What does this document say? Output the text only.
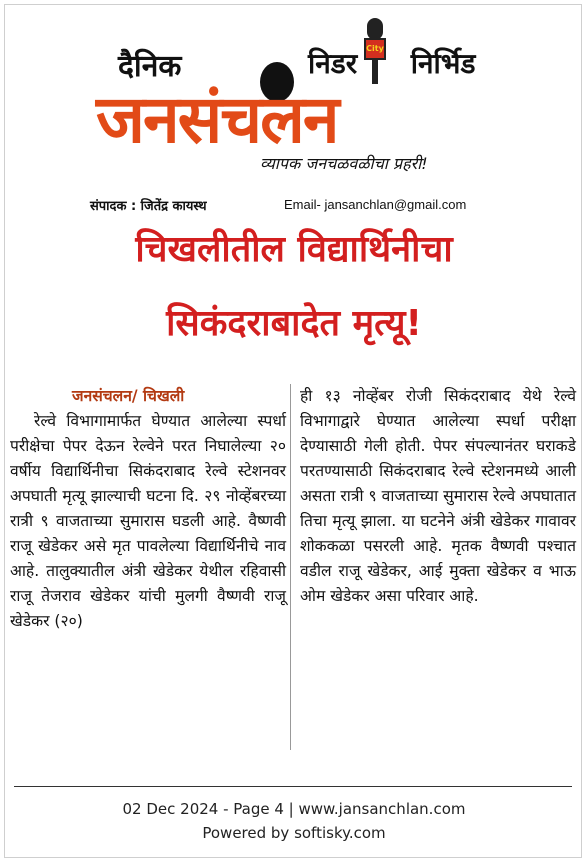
दैनिक	निडर निर्भिड
City
जनसंचलन
व्यापक जनचळवळीचा प्रहरी!
संपादक : जितेंद्र कायस्थ	Email- jansanchlan@gmail.com
चिखलीतील विद्यार्थिनीचा
सिकंदराबादेत मृत्यू!
जनसंचलन/ चिखली

रेल्वे विभागामार्फत घेण्यात आलेल्या स्पर्धा परीक्षेचा पेपर देऊन रेल्वेने परत निघालेल्या २० वर्षीय विद्यार्थिनीचा सिकंदराबाद रेल्वे स्टेशनवर अपघाती मृत्यू झाल्याची घटना दि. २९ नोव्हेंबरच्या रात्री ९ वाजताच्या सुमारास घडली आहे. वैष्णवी राजू खेडेकर असे मृत पावलेल्या विद्यार्थिनीचे नाव आहे. तालुक्यातील अंत्री खेडेकर येथील रहिवासी राजू तेजराव खेडेकर यांची मुलगी वैष्णवी राजू खेडेकर (२०)

ही १३ नोव्हेंबर रोजी सिकंदराबाद येथे रेल्वे विभागाद्वारे घेण्यात आलेल्या स्पर्धा परीक्षा देण्यासाठी गेली होती. पेपर संपल्यानंतर घराकडे परतण्यासाठी सिकंदराबाद रेल्वे स्टेशनमध्ये आली असता रात्री ९ वाजताच्या सुमारास रेल्वे अपघातात तिचा मृत्यू झाला. या घटनेने अंत्री खेडेकर गावावर शोककळा पसरली आहे. मृतक वैष्णवी पश्चात वडील राजू खेडेकर, आई मुक्ता खेडेकर व भाऊ ओम खेडेकर असा परिवार आहे.

02 Dec 2024 - Page 4 | www.jansanchlan.com
Powered by softisky.com
